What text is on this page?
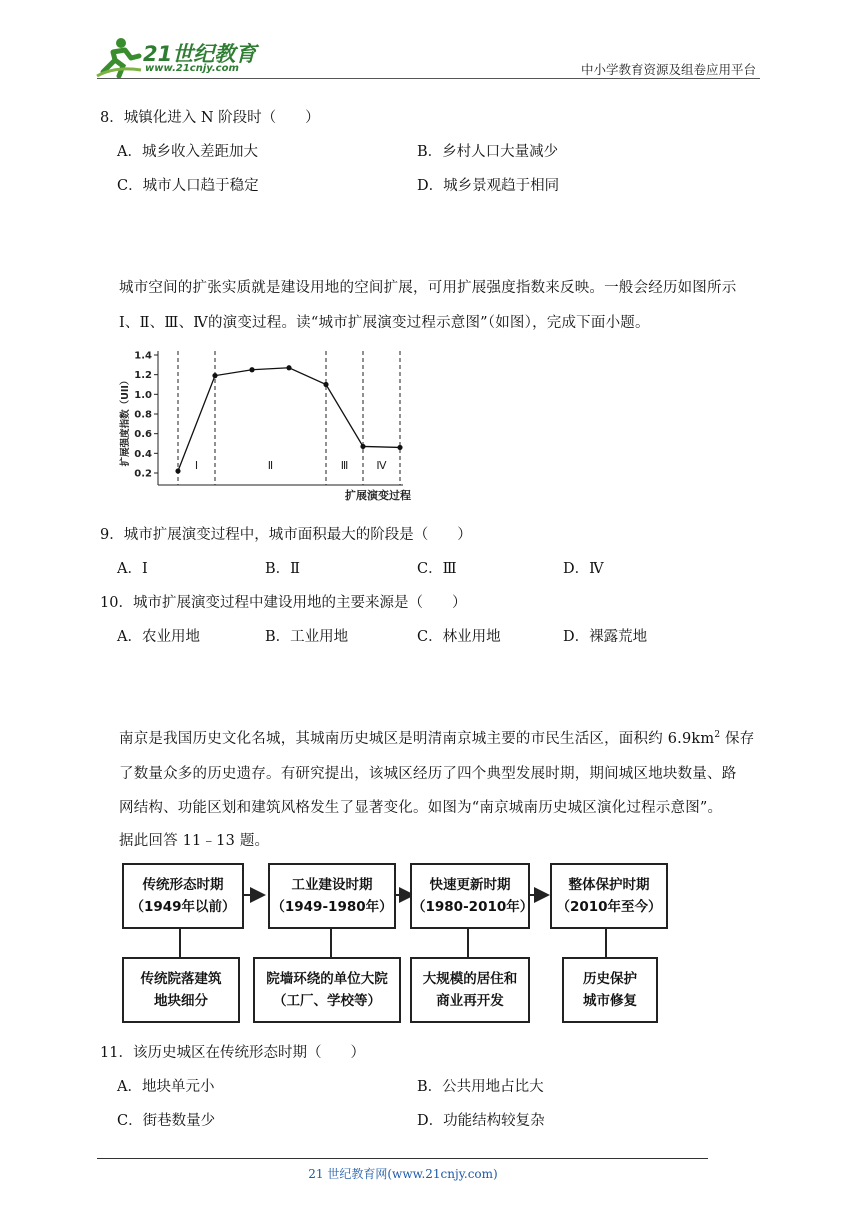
21世纪教育
www.21cnjy.com	中小学教育资源及组卷应用平台
8．城镇化进入 N 阶段时（　　）
A．城乡收入差距加大	B．乡村人口大量减少
C．城市人口趋于稳定	D．城乡景观趋于相同
城市空间的扩张实质就是建设用地的空间扩展，可用扩展强度指数来反映。一般会经历如图所示
Ⅰ、Ⅱ、Ⅲ、Ⅳ的演变过程。读“城市扩展演变过程示意图”（如图），完成下面小题。
扩展强度指数（UII）
0.2
0.4
0.6
0.8
1.0
1.2
1.4
Ⅰ	Ⅱ	Ⅲ	Ⅳ
扩展演变过程
9．城市扩展演变过程中，城市面积最大的阶段是（　　）
A．Ⅰ	B．Ⅱ	C．Ⅲ	D．Ⅳ
10．城市扩展演变过程中建设用地的主要来源是（　　）
A．农业用地	B．工业用地	C．林业用地	D．裸露荒地
南京是我国历史文化名城，其城南历史城区是明清南京城主要的市民生活区，面积约 $6.9km^2$ 保存
了数量众多的历史遗存。有研究提出，该城区经历了四个典型发展时期，期间城区地块数量、路
网结构、功能区划和建筑风格发生了显著变化。如图为“南京城南历史城区演化过程示意图”。
据此回答 11﹣13 题。
传统形态时期
（1949年以前）
工业建设时期
（1949-1980年）
快速更新时期
（1980-2010年）
整体保护时期
（2010年至今）
传统院落建筑
地块细分
院墙环绕的单位大院
（工厂、学校等）
大规模的居住和
商业再开发
历史保护
城市修复
11．该历史城区在传统形态时期（　　）
A．地块单元小	B．公共用地占比大
C．街巷数量少	D．功能结构较复杂
21 世纪教育网(www.21cnjy.com)
